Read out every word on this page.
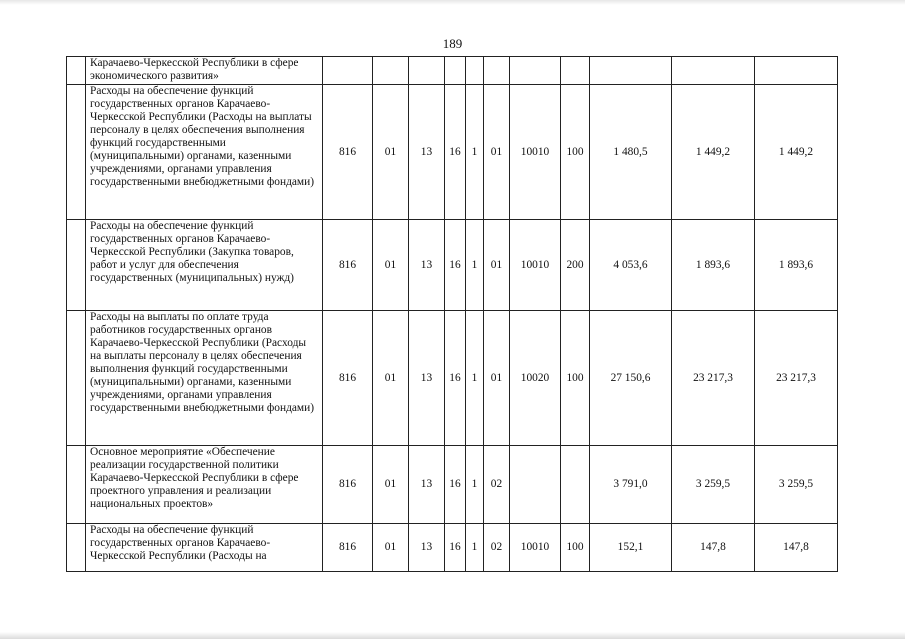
189
	Карачаево-Черкесской Республики в сфере экономического развития»											
	Расходы на обеспечение функций государственных органов Карачаево-Черкесской Республики (Расходы на выплаты персоналу в целях обеспечения выполнения функций государственными (муниципальными) органами, казенными учреждениями, органами управления государственными внебюджетными фондами)	816	01	13	16	1	01	10010	100	1 480,5	1 449,2	1 449,2
	Расходы на обеспечение функций государственных органов Карачаево-Черкесской Республики (Закупка товаров, работ и услуг для обеспечения государственных (муниципальных) нужд)	816	01	13	16	1	01	10010	200	4 053,6	1 893,6	1 893,6
	Расходы на выплаты по оплате труда работников государственных органов Карачаево-Черкесской Республики (Расходы на выплаты персоналу в целях обеспечения выполнения функций государственными (муниципальными) органами, казенными учреждениями, органами управления государственными внебюджетными фондами)	816	01	13	16	1	01	10020	100	27 150,6	23 217,3	23 217,3
	Основное мероприятие «Обеспечение реализации государственной политики Карачаево-Черкесской Республики в сфере проектного управления и реализации национальных проектов»	816	01	13	16	1	02			3 791,0	3 259,5	3 259,5
	Расходы на обеспечение функций государственных органов Карачаево-Черкесской Республики (Расходы на	816	01	13	16	1	02	10010	100	152,1	147,8	147,8
